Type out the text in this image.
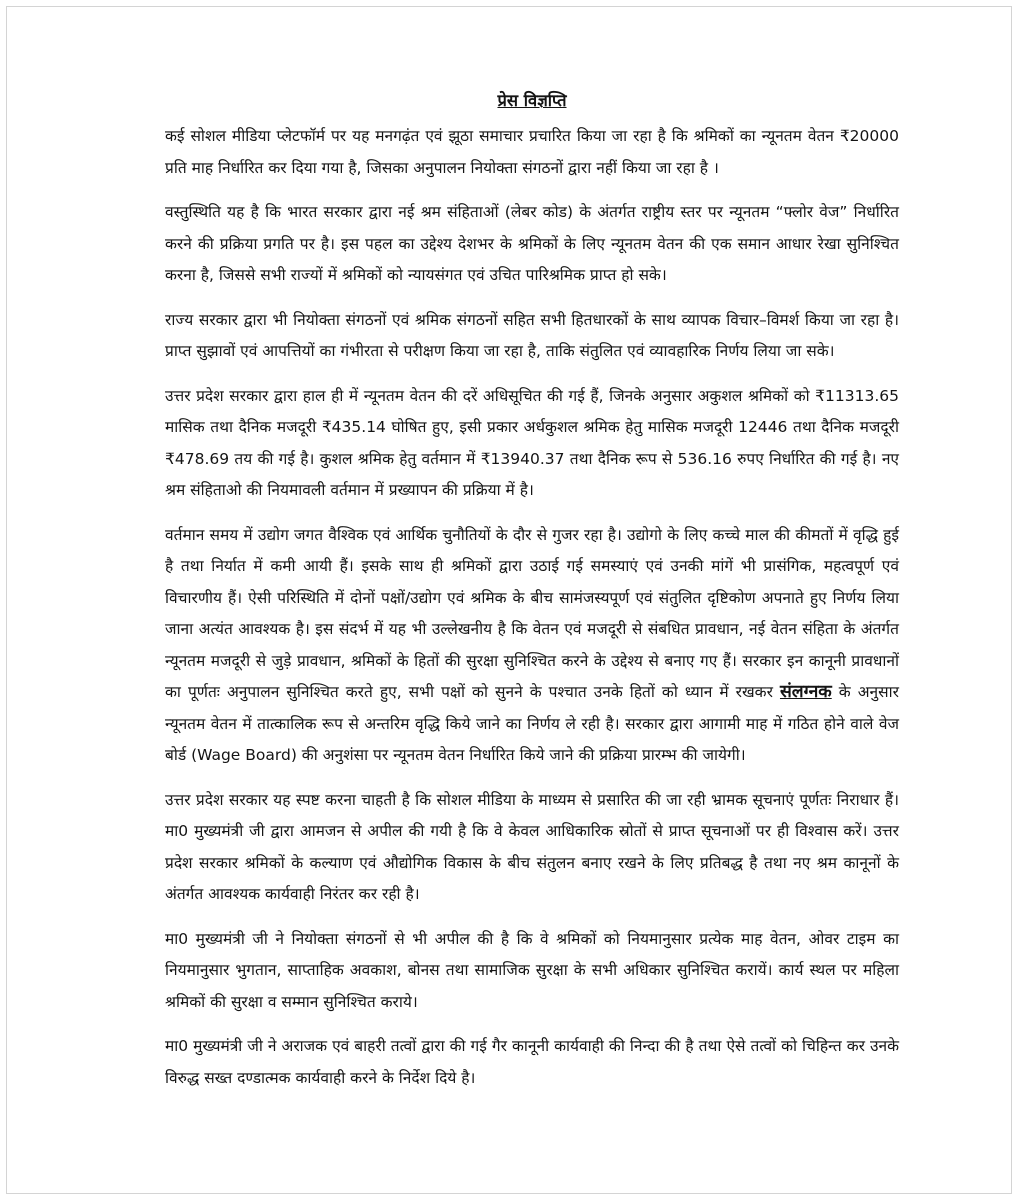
प्रेस विज्ञप्ति

कई सोशल मीडिया प्लेटफॉर्म पर यह मनगढ़ंत एवं झूठा समाचार प्रचारित किया जा रहा है कि श्रमिकों का न्यूनतम वेतन ₹20000 प्रति माह निर्धारित कर दिया गया है, जिसका अनुपालन नियोक्ता संगठनों द्वारा नहीं किया जा रहा है ।

वस्तुस्थिति यह है कि भारत सरकार द्वारा नई श्रम संहिताओं (लेबर कोड) के अंतर्गत राष्ट्रीय स्तर पर न्यूनतम “फ्लोर वेज” निर्धारित करने की प्रक्रिया प्रगति पर है। इस पहल का उद्देश्य देशभर के श्रमिकों के लिए न्यूनतम वेतन की एक समान आधार रेखा सुनिश्चित करना है, जिससे सभी राज्यों में श्रमिकों को न्यायसंगत एवं उचित पारिश्रमिक प्राप्त हो सके।

राज्य सरकार द्वारा भी नियोक्ता संगठनों एवं श्रमिक संगठनों सहित सभी हितधारकों के साथ व्यापक विचार–विमर्श किया जा रहा है। प्राप्त सुझावों एवं आपत्तियों का गंभीरता से परीक्षण किया जा रहा है, ताकि संतुलित एवं व्यावहारिक निर्णय लिया जा सके।

उत्तर प्रदेश सरकार द्वारा हाल ही में न्यूनतम वेतन की दरें अधिसूचित की गई हैं, जिनके अनुसार अकुशल श्रमिकों को ₹11313.65 मासिक तथा दैनिक मजदूरी ₹435.14 घोषित हुए, इसी प्रकार अर्धकुशल श्रमिक हेतु मासिक मजदूरी 12446 तथा दैनिक मजदूरी ₹478.69 तय की गई है। कुशल श्रमिक हेतु वर्तमान में ₹13940.37 तथा दैनिक रूप से 536.16 रुपए निर्धारित की गई है। नए श्रम संहिताओ की नियमावली वर्तमान में प्रख्यापन की प्रक्रिया में है।

वर्तमान समय में उद्योग जगत वैश्विक एवं आर्थिक चुनौतियों के दौर से गुजर रहा है। उद्योगो के लिए कच्चे माल की कीमतों में वृद्धि हुई है तथा निर्यात में कमी आयी हैं। इसके साथ ही श्रमिकों द्वारा उठाई गई समस्याएं एवं उनकी मांगें भी प्रासंगिक, महत्वपूर्ण एवं विचारणीय हैं। ऐसी परिस्थिति में दोनों पक्षों/उद्योग एवं श्रमिक के बीच सामंजस्यपूर्ण एवं संतुलित दृष्टिकोण अपनाते हुए निर्णय लिया जाना अत्यंत आवश्यक है। इस संदर्भ में यह भी उल्लेखनीय है कि वेतन एवं मजदूरी से संबधित प्रावधान, नई वेतन संहिता के अंतर्गत न्यूनतम मजदूरी से जुड़े प्रावधान, श्रमिकों के हितों की सुरक्षा सुनिश्चित करने के उद्देश्य से बनाए गए हैं। सरकार इन कानूनी प्रावधानों का पूर्णतः अनुपालन सुनिश्चित करते हुए, सभी पक्षों को सुनने के पश्चात उनके हितों को ध्यान में रखकर संलग्नक के अनुसार न्यूनतम वेतन में तात्कालिक रूप से अन्तरिम वृद्धि किये जाने का निर्णय ले रही है। सरकार द्वारा आगामी माह में गठित होने वाले वेज बोर्ड (Wage Board) की अनुशंसा पर न्यूनतम वेतन निर्धारित किये जाने की प्रक्रिया प्रारम्भ की जायेगी।

उत्तर प्रदेश सरकार यह स्पष्ट करना चाहती है कि सोशल मीडिया के माध्यम से प्रसारित की जा रही भ्रामक सूचनाएं पूर्णतः निराधार हैं। मा0 मुख्यमंत्री जी द्वारा आमजन से अपील की गयी है कि वे केवल आधिकारिक स्रोतों से प्राप्त सूचनाओं पर ही विश्वास करें। उत्तर प्रदेश सरकार श्रमिकों के कल्याण एवं औद्योगिक विकास के बीच संतुलन बनाए रखने के लिए प्रतिबद्ध है तथा नए श्रम कानूनों के अंतर्गत आवश्यक कार्यवाही निरंतर कर रही है।

मा0 मुख्यमंत्री जी ने नियोक्ता संगठनों से भी अपील की है कि वे श्रमिकों को नियमानुसार प्रत्येक माह वेतन, ओवर टाइम का नियमानुसार भुगतान, साप्ताहिक अवकाश, बोनस तथा सामाजिक सुरक्षा के सभी अधिकार सुनिश्चित करायें। कार्य स्थल पर महिला श्रमिकों की सुरक्षा व सम्मान सुनिश्चित कराये।

मा0 मुख्यमंत्री जी ने अराजक एवं बाहरी तत्वों द्वारा की गई गैर कानूनी कार्यवाही की निन्दा की है तथा ऐसे तत्वों को चिहिन्त कर उनके विरुद्ध सख्त दण्डात्मक कार्यवाही करने के निर्देश दिये है।
